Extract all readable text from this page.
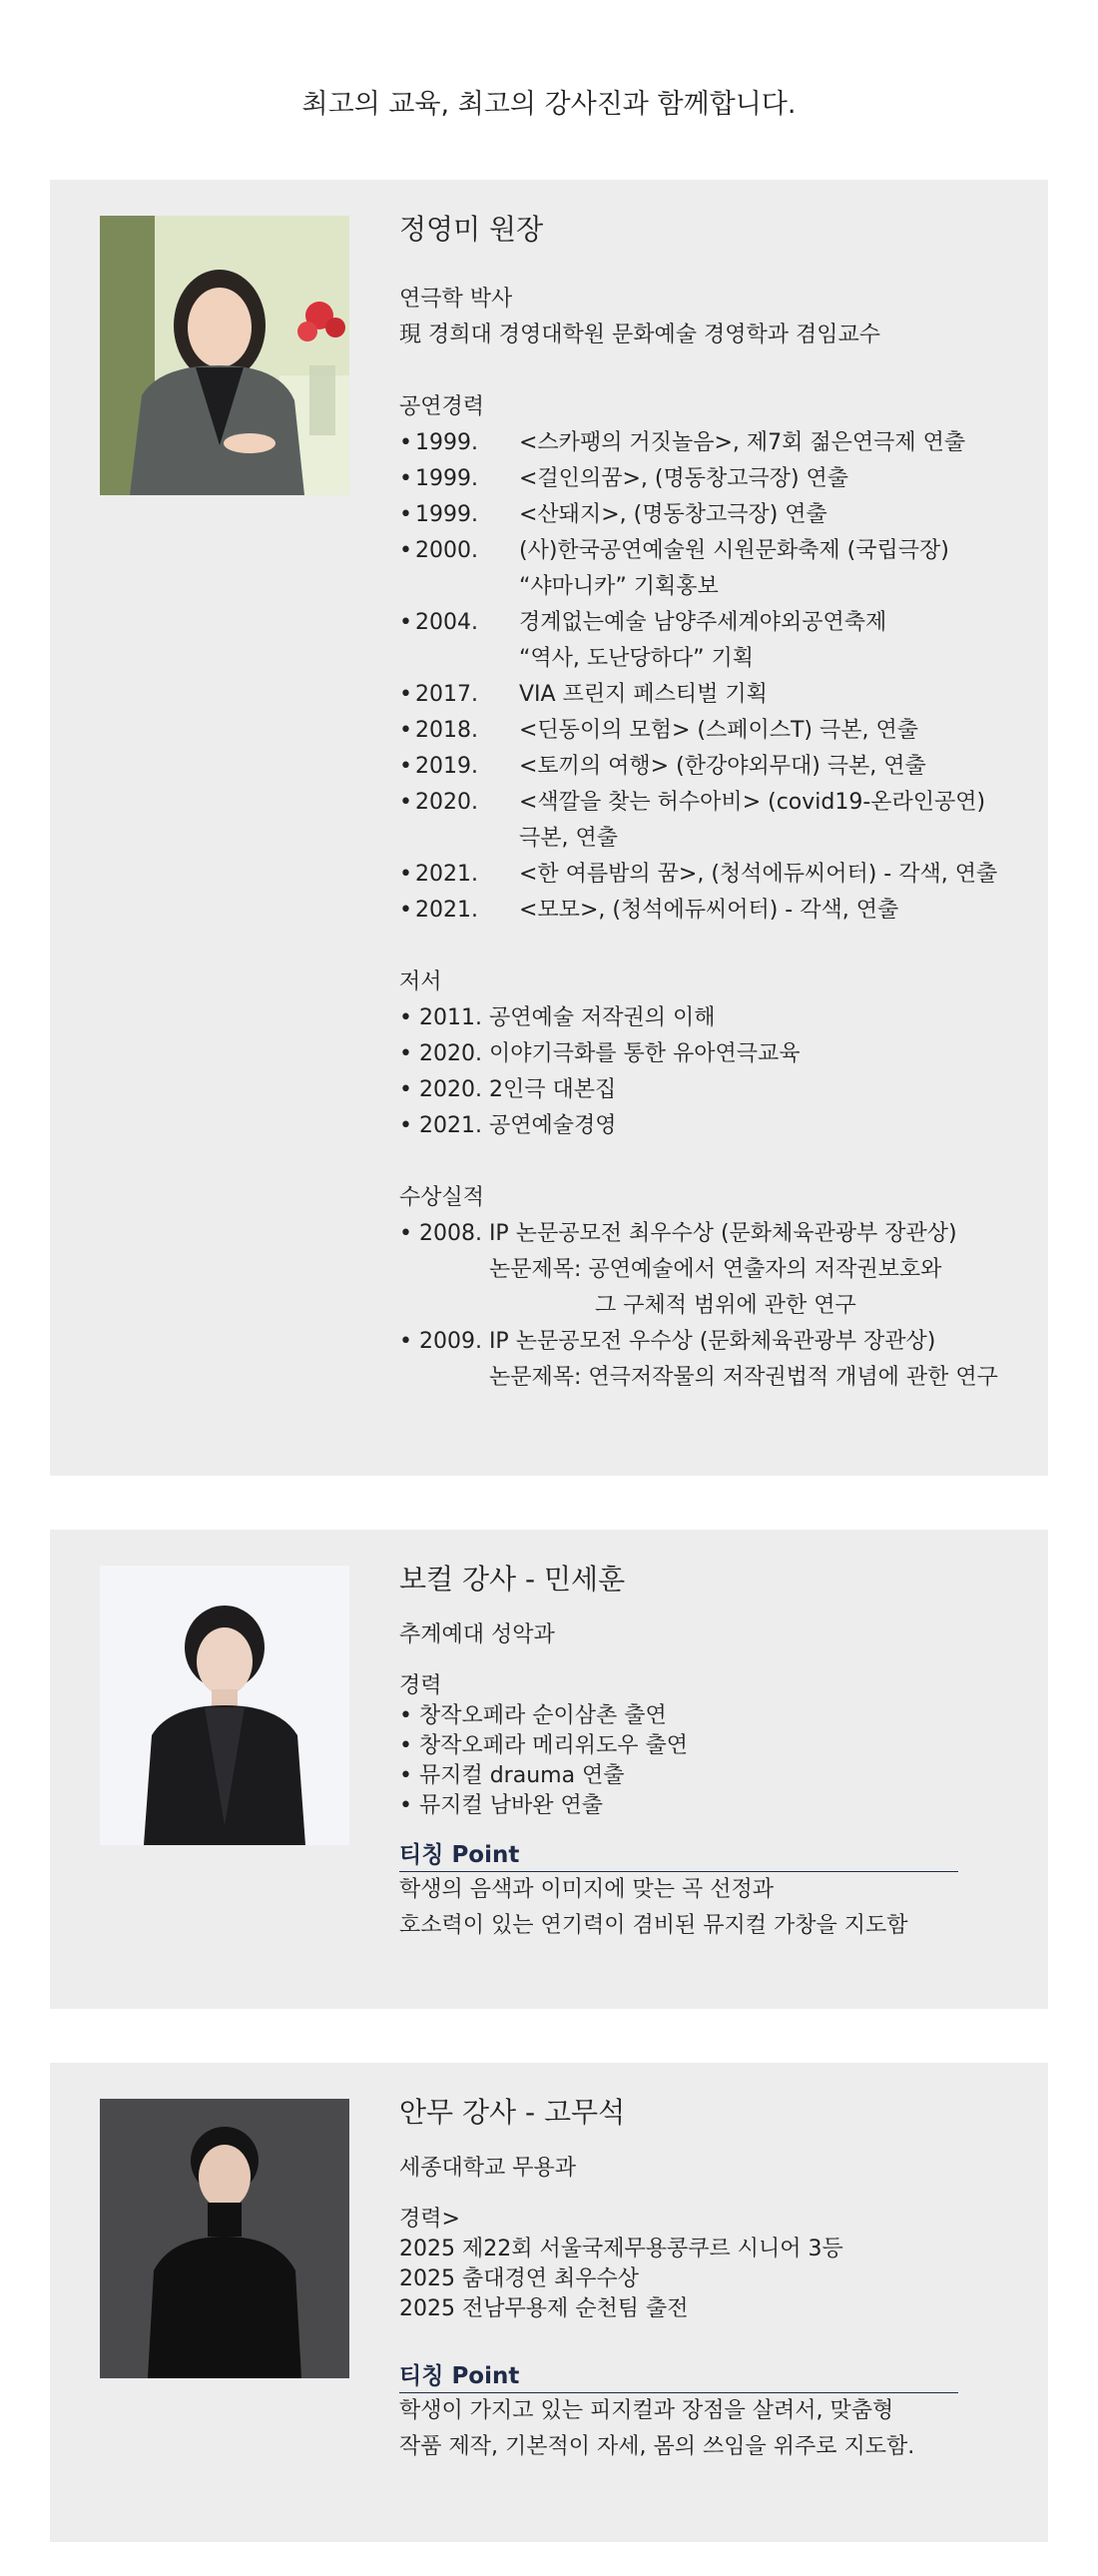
최고의 교육, 최고의 강사진과 함께합니다.
정영미 원장
연극학 박사
現 경희대 경영대학원 문화예술 경영학과 겸임교수
공연경력
• 1999.	<스카팽의 거짓놀음>, 제7회 젊은연극제 연출
• 1999.	<걸인의꿈>, (명동창고극장) 연출
• 1999.	<산돼지>, (명동창고극장) 연출
• 2000.	(사)한국공연예술원 시원문화축제 (국립극장)
“샤마니카” 기획홍보
• 2004.	경계없는예술 남양주세계야외공연축제
“역사, 도난당하다” 기획
• 2017.	VIA 프린지 페스티벌 기획
• 2018.	<딘동이의 모험> (스페이스T) 극본, 연출
• 2019.	<토끼의 여행> (한강야외무대) 극본, 연출
• 2020.	<색깔을 찾는 허수아비> (covid19-온라인공연)
극본, 연출
• 2021.	<한 여름밤의 꿈>, (청석에듀씨어터) - 각색, 연출
• 2021.	<모모>, (청석에듀씨어터) - 각색, 연출
저서
• 2011. 공연예술 저작권의 이해
• 2020. 이야기극화를 통한 유아연극교육
• 2020. 2인극 대본집
• 2021. 공연예술경영
수상실적
• 2008. IP 논문공모전 최우수상 (문화체육관광부 장관상)
논문제목: 공연예술에서 연출자의 저작권보호와
그 구체적 범위에 관한 연구
• 2009. IP 논문공모전 우수상 (문화체육관광부 장관상)
논문제목: 연극저작물의 저작권법적 개념에 관한 연구
보컬 강사 - 민세훈
추계예대 성악과
경력
• 창작오페라 순이삼촌 출연
• 창작오페라 메리위도우 출연
• 뮤지컬 drauma 연출
• 뮤지컬 남바완 연출
티칭 Point
학생의 음색과 이미지에 맞는 곡 선정과
호소력이 있는 연기력이 겸비된 뮤지컬 가창을 지도함
안무 강사 - 고무석
세종대학교 무용과
경력>
2025 제22회 서울국제무용콩쿠르 시니어 3등
2025 춤대경연 최우수상
2025 전남무용제 순천팀 출전
티칭 Point
학생이 가지고 있는 피지컬과 장점을 살려서, 맞춤형
작품 제작, 기본적이 자세, 몸의 쓰임을 위주로 지도함.
